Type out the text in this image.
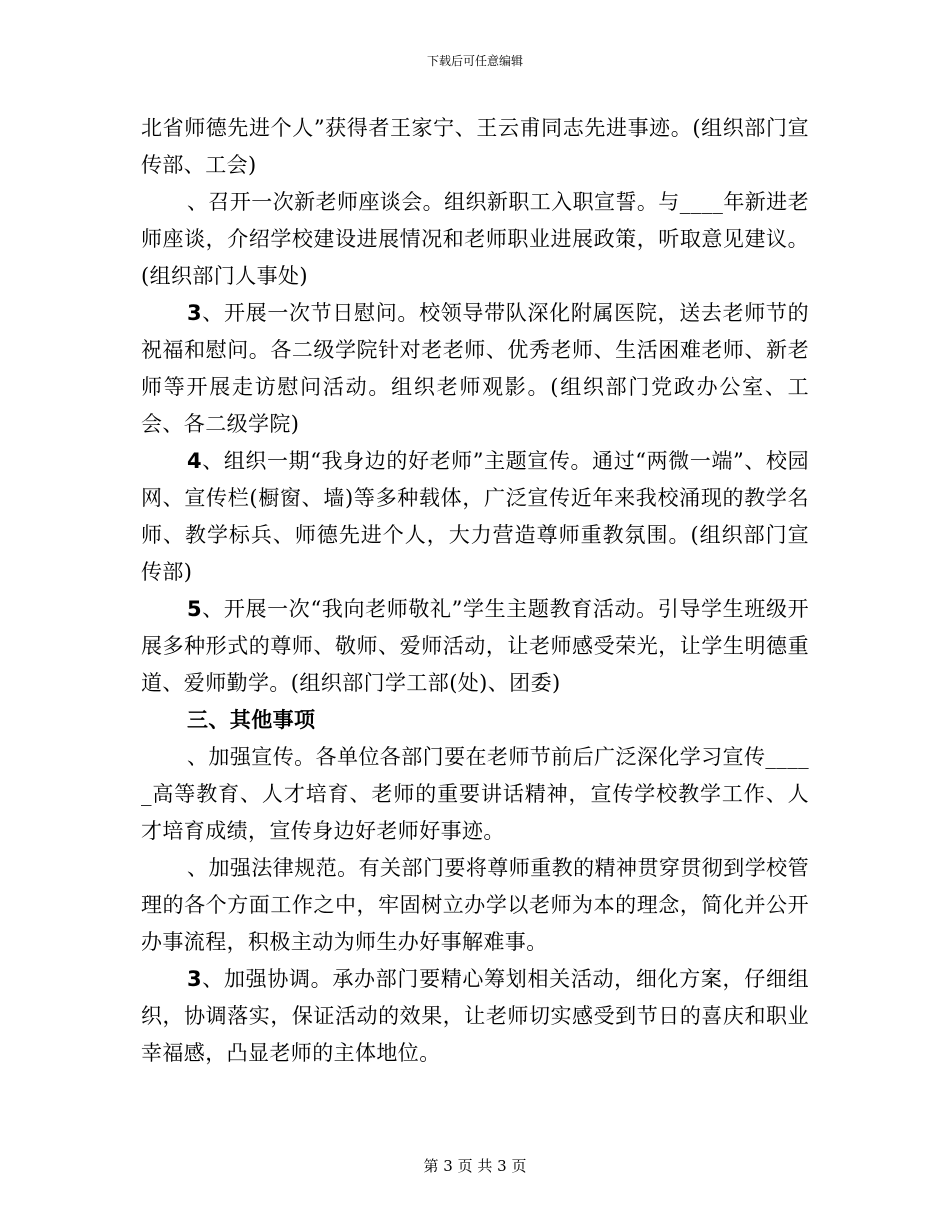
下载后可任意编辑

北省师德先进个人”获得者王家宁、王云甫同志先进事迹。(组织部门宣传部、工会)

、召开一次新老师座谈会。组织新职工入职宣誓。与____年新进老师座谈，介绍学校建设进展情况和老师职业进展政策，听取意见建议。(组织部门人事处)

3、开展一次节日慰问。校领导带队深化附属医院，送去老师节的祝福和慰问。各二级学院针对老老师、优秀老师、生活困难老师、新老师等开展走访慰问活动。组织老师观影。(组织部门党政办公室、工会、各二级学院)

4、组织一期“我身边的好老师”主题宣传。通过“两微一端”、校园网、宣传栏(橱窗、墙)等多种载体，广泛宣传近年来我校涌现的教学名师、教学标兵、师德先进个人，大力营造尊师重教氛围。(组织部门宣传部)

5、开展一次“我向老师敬礼”学生主题教育活动。引导学生班级开展多种形式的尊师、敬师、爱师活动，让老师感受荣光，让学生明德重道、爱师勤学。(组织部门学工部(处)、团委)

三、其他事项

、加强宣传。各单位各部门要在老师节前后广泛深化学习宣传_____高等教育、人才培育、老师的重要讲话精神，宣传学校教学工作、人才培育成绩，宣传身边好老师好事迹。

、加强法律规范。有关部门要将尊师重教的精神贯穿贯彻到学校管理的各个方面工作之中，牢固树立办学以老师为本的理念，简化并公开办事流程，积极主动为师生办好事解难事。

3、加强协调。承办部门要精心筹划相关活动，细化方案，仔细组织，协调落实，保证活动的效果，让老师切实感受到节日的喜庆和职业幸福感，凸显老师的主体地位。

第 3 页 共 3 页
